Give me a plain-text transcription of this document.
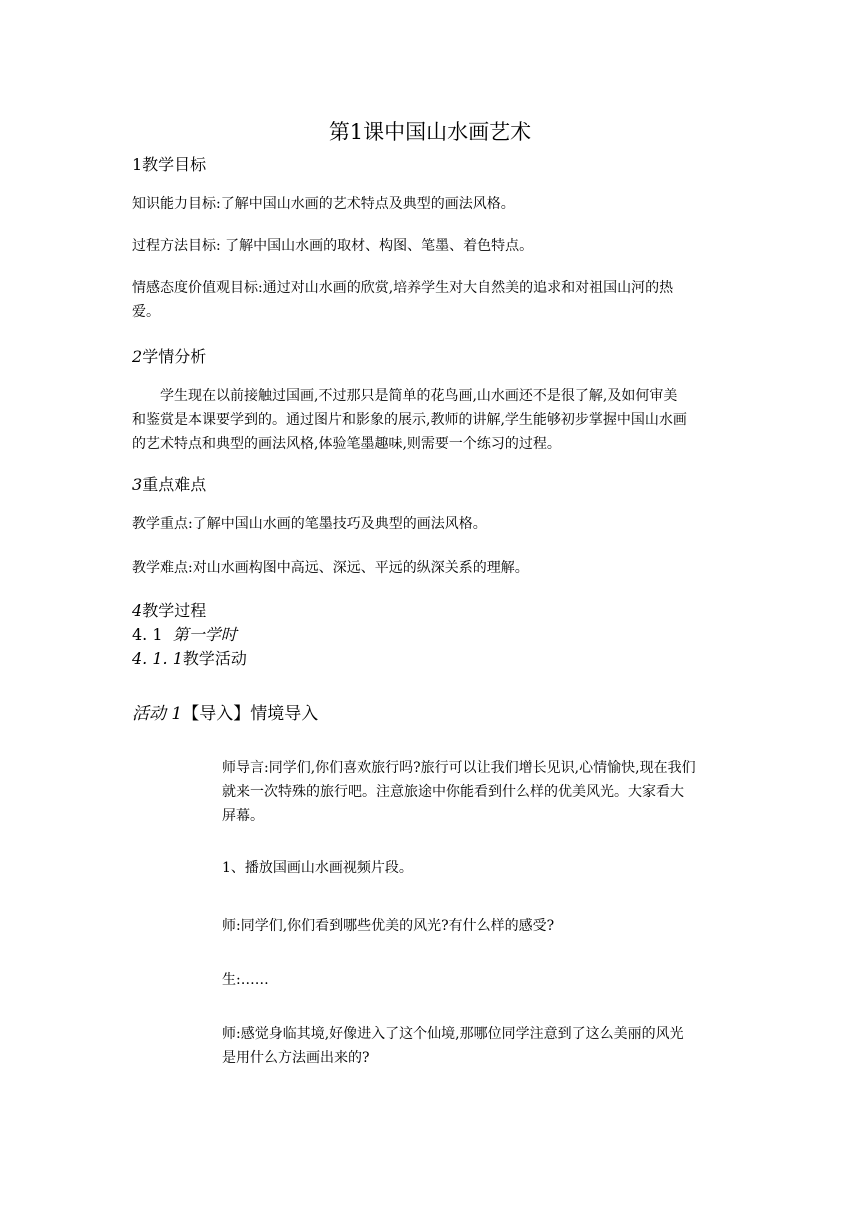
第1课中国山水画艺术
1教学目标

知识能力目标:了解中国山水画的艺术特点及典型的画法风格。

过程方法目标: 了解中国山水画的取材、构图、笔墨、着色特点。

情感态度价值观目标:通过对山水画的欣赏,培养学生对大自然美的追求和对祖国山河的热

爱。

2学情分析

学生现在以前接触过国画,不过那只是简单的花鸟画,山水画还不是很了解,及如何审美

和鉴赏是本课要学到的。通过图片和影象的展示,教师的讲解,学生能够初步掌握中国山水画

的艺术特点和典型的画法风格,体验笔墨趣味,则需要一个练习的过程。

3重点难点

教学重点:了解中国山水画的笔墨技巧及典型的画法风格。

教学难点:对山水画构图中高远、深远、平远的纵深关系的理解。

4教学过程
4. 1 第一学时
4. 1. 1教学活动
活动 1【导入】情境导入

师导言:同学们,你们喜欢旅行吗?旅行可以让我们增长见识,心情愉快,现在我们

就来一次特殊的旅行吧。注意旅途中你能看到什么样的优美风光。大家看大

屏幕。

1、播放国画山水画视频片段。

师:同学们,你们看到哪些优美的风光?有什么样的感受?

生:……

师:感觉身临其境,好像进入了这个仙境,那哪位同学注意到了这么美丽的风光

是用什么方法画出来的?
